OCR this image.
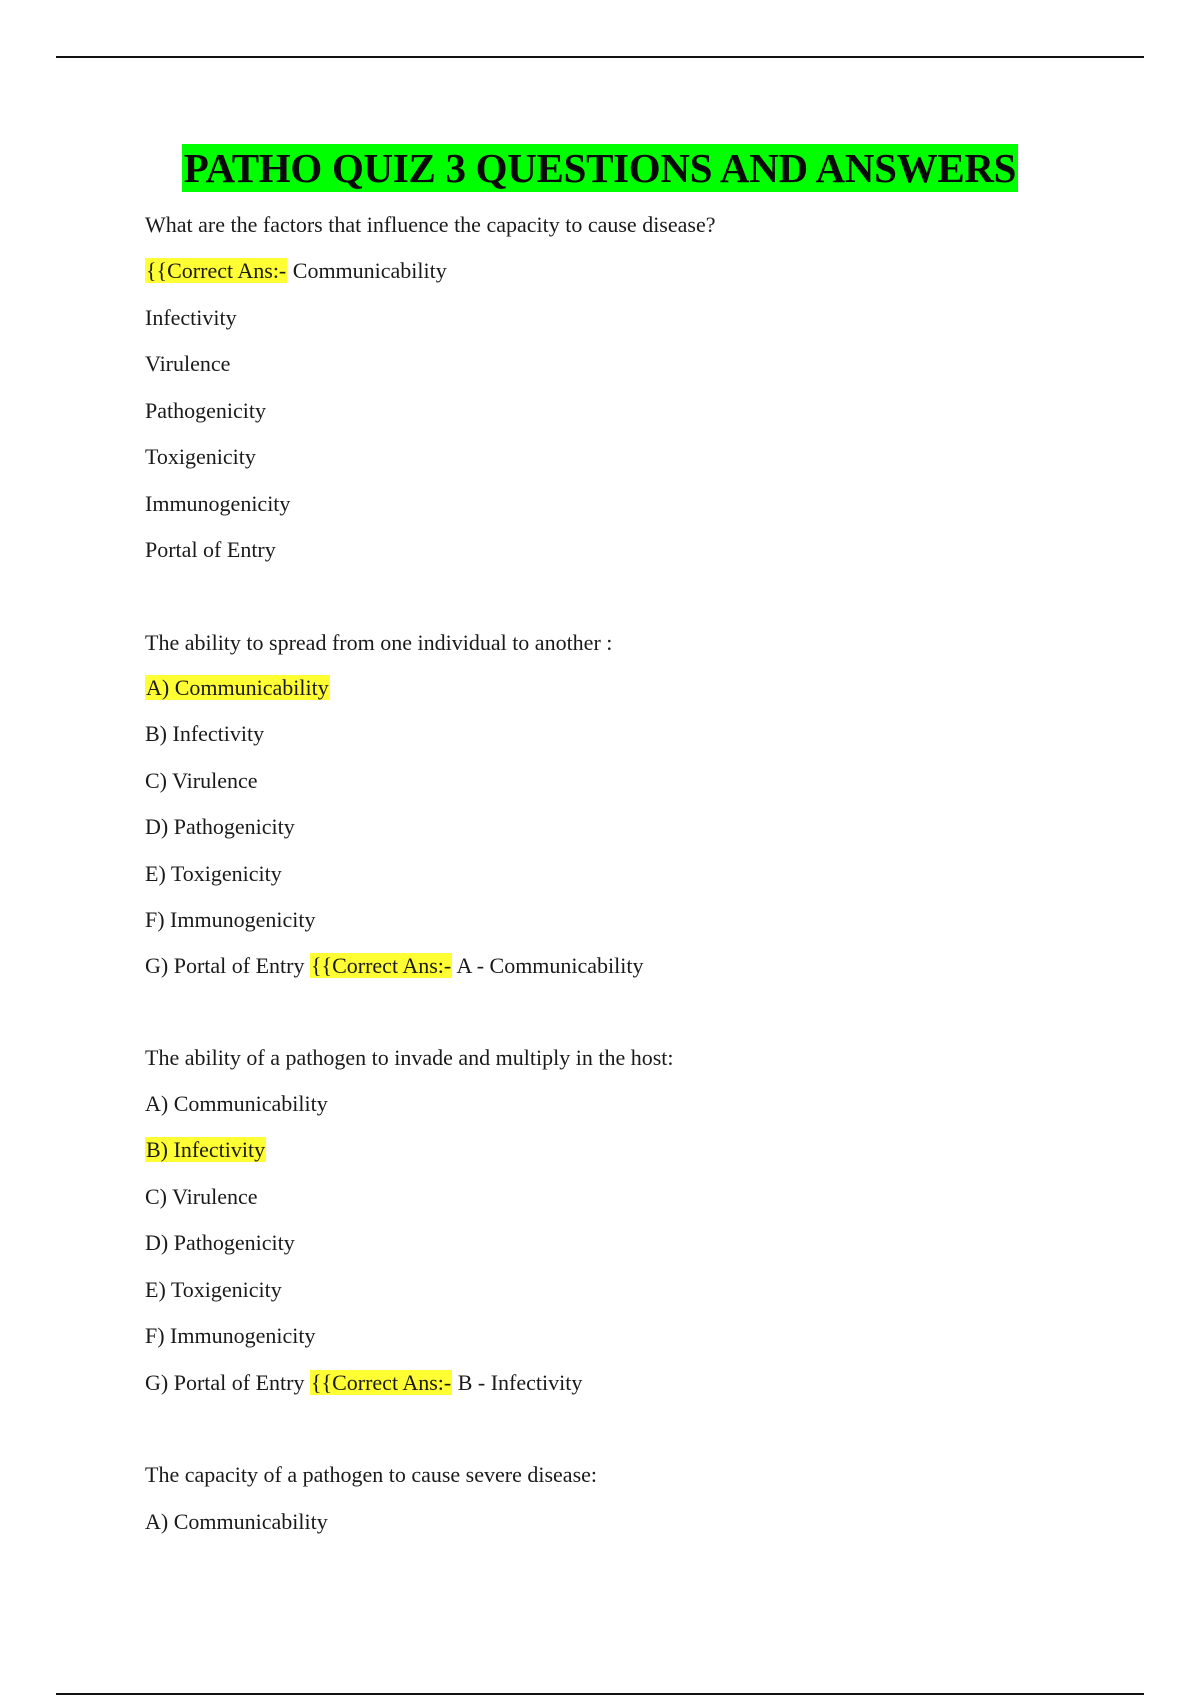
PATHO QUIZ 3 QUESTIONS AND ANSWERS
What are the factors that influence the capacity to cause disease?
{{Correct Ans:- Communicability
Infectivity
Virulence
Pathogenicity
Toxigenicity
Immunogenicity
Portal of Entry
The ability to spread from one individual to another :
A) Communicability
B) Infectivity
C) Virulence
D) Pathogenicity
E) Toxigenicity
F) Immunogenicity
G) Portal of Entry {{Correct Ans:- A - Communicability
The ability of a pathogen to invade and multiply in the host:
A) Communicability
B) Infectivity
C) Virulence
D) Pathogenicity
E) Toxigenicity
F) Immunogenicity
G) Portal of Entry {{Correct Ans:- B - Infectivity
The capacity of a pathogen to cause severe disease:
A) Communicability
